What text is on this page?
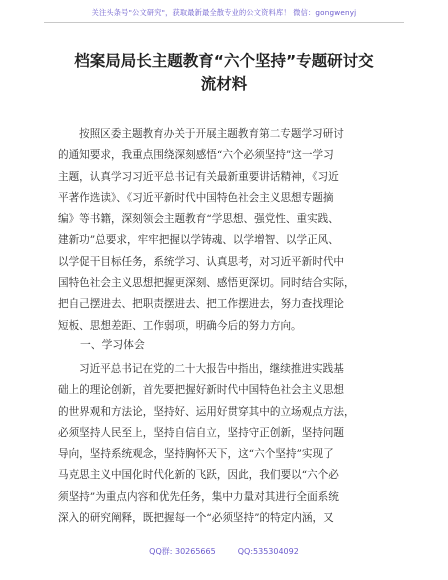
关注头条号"公文研究"，获取最新最全散专业的公文资料库！ 微信：gongwenyj
档案局局长主题教育“六个坚持”专题研讨交
流材料
按照区委主题教育办关于开展主题教育第二专题学习研讨
的通知要求，我重点围绕深刻感悟“六个必须坚持”这一学习
主题，认真学习习近平总书记有关最新重要讲话精神，《习近
平著作选读》、《习近平新时代中国特色社会主义思想专题摘
编》等书籍，深刻领会主题教育“学思想、强党性、重实践、
建新功”总要求，牢牢把握以学铸魂、以学增智、以学正风、
以学促干目标任务，系统学习、认真思考，对习近平新时代中
国特色社会主义思想把握更深刻、感悟更深切。同时结合实际，
把自己摆进去、把职责摆进去、把工作摆进去，努力查找理论
短板、思想差距、工作弱项，明确今后的努力方向。
一、学习体会
习近平总书记在党的二十大报告中指出，继续推进实践基
础上的理论创新，首先要把握好新时代中国特色社会主义思想
的世界观和方法论，坚持好、运用好贯穿其中的立场观点方法，
必须坚持人民至上，坚持自信自立，坚持守正创新，坚持问题
导向，坚持系统观念，坚持胸怀天下，这“六个坚持”实现了
马克思主义中国化时代化新的飞跃，因此，我们要以“六个必
须坚持”为重点内容和优先任务，集中力量对其进行全面系统
深入的研究阐释，既把握每一个“必须坚持”的特定内涵，又
QQ群: 30265665	QQ:535304092
